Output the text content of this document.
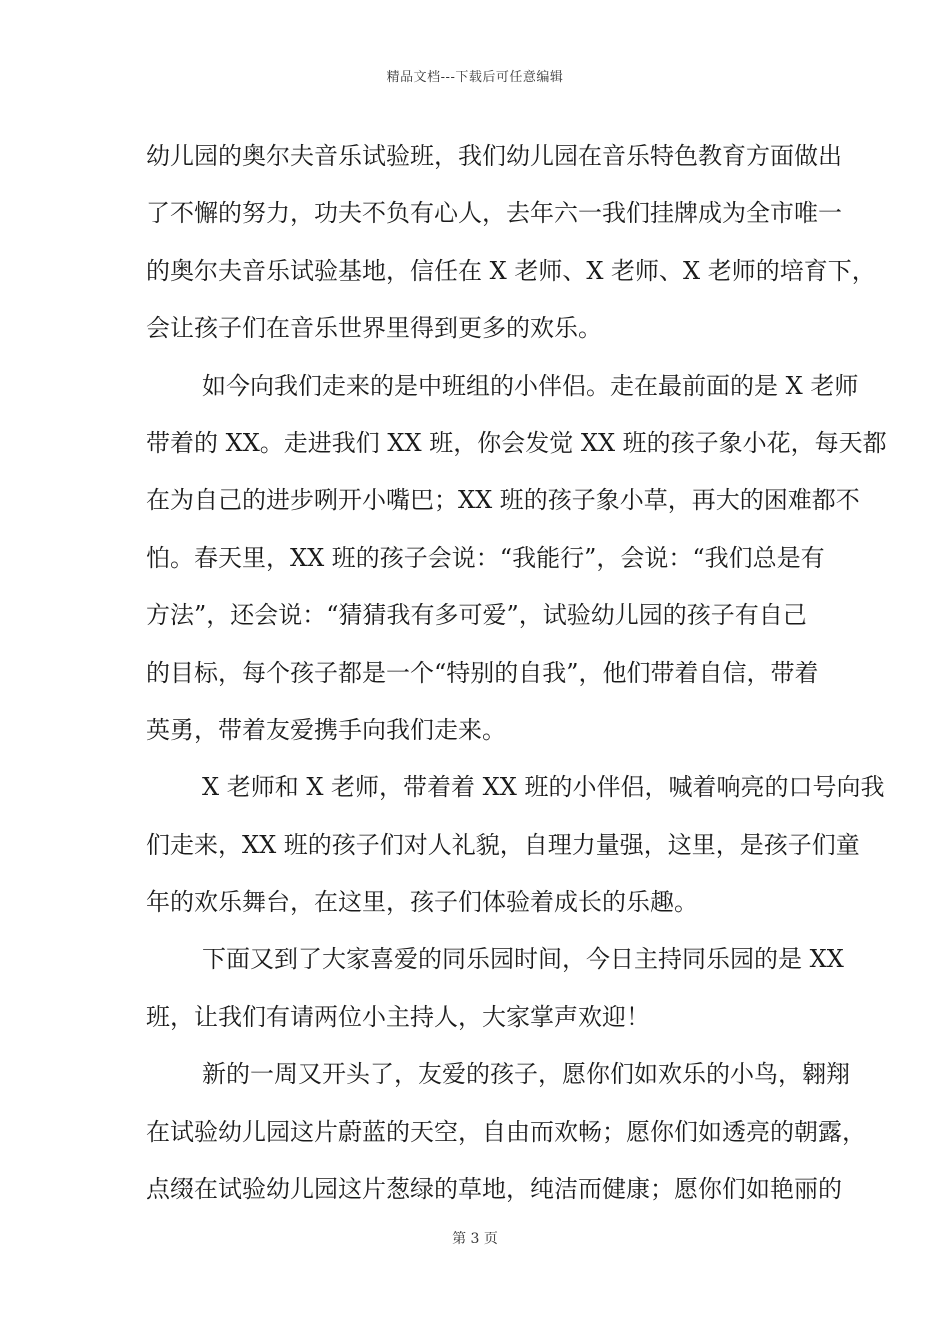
精品文档---下载后可任意编辑

幼儿园的奥尔夫音乐试验班，我们幼儿园在音乐特色教育方面做出
了不懈的努力，功夫不负有心人，去年六一我们挂牌成为全市唯一
的奥尔夫音乐试验基地，信任在 X 老师、X 老师、X 老师的培育下，
会让孩子们在音乐世界里得到更多的欢乐。

如今向我们走来的是中班组的小伴侣。走在最前面的是 X 老师
带着的 XX。走进我们 XX 班，你会发觉 XX 班的孩子象小花，每天都
在为自己的进步咧开小嘴巴；XX 班的孩子象小草，再大的困难都不
怕。春天里，XX 班的孩子会说：“我能行”，会说：“我们总是有
方法”，还会说：“猜猜我有多可爱”，试验幼儿园的孩子有自己
的目标，每个孩子都是一个“特别的自我”，他们带着自信，带着
英勇，带着友爱携手向我们走来。

X 老师和 X 老师，带着着 XX 班的小伴侣，喊着响亮的口号向我
们走来，XX 班的孩子们对人礼貌，自理力量强，这里，是孩子们童
年的欢乐舞台，在这里，孩子们体验着成长的乐趣。

下面又到了大家喜爱的同乐园时间，今日主持同乐园的是 XX
班，让我们有请两位小主持人，大家掌声欢迎！

新的一周又开头了，友爱的孩子，愿你们如欢乐的小鸟，翱翔
在试验幼儿园这片蔚蓝的天空，自由而欢畅；愿你们如透亮的朝露，
点缀在试验幼儿园这片葱绿的草地，纯洁而健康；愿你们如艳丽的

第 3 页
